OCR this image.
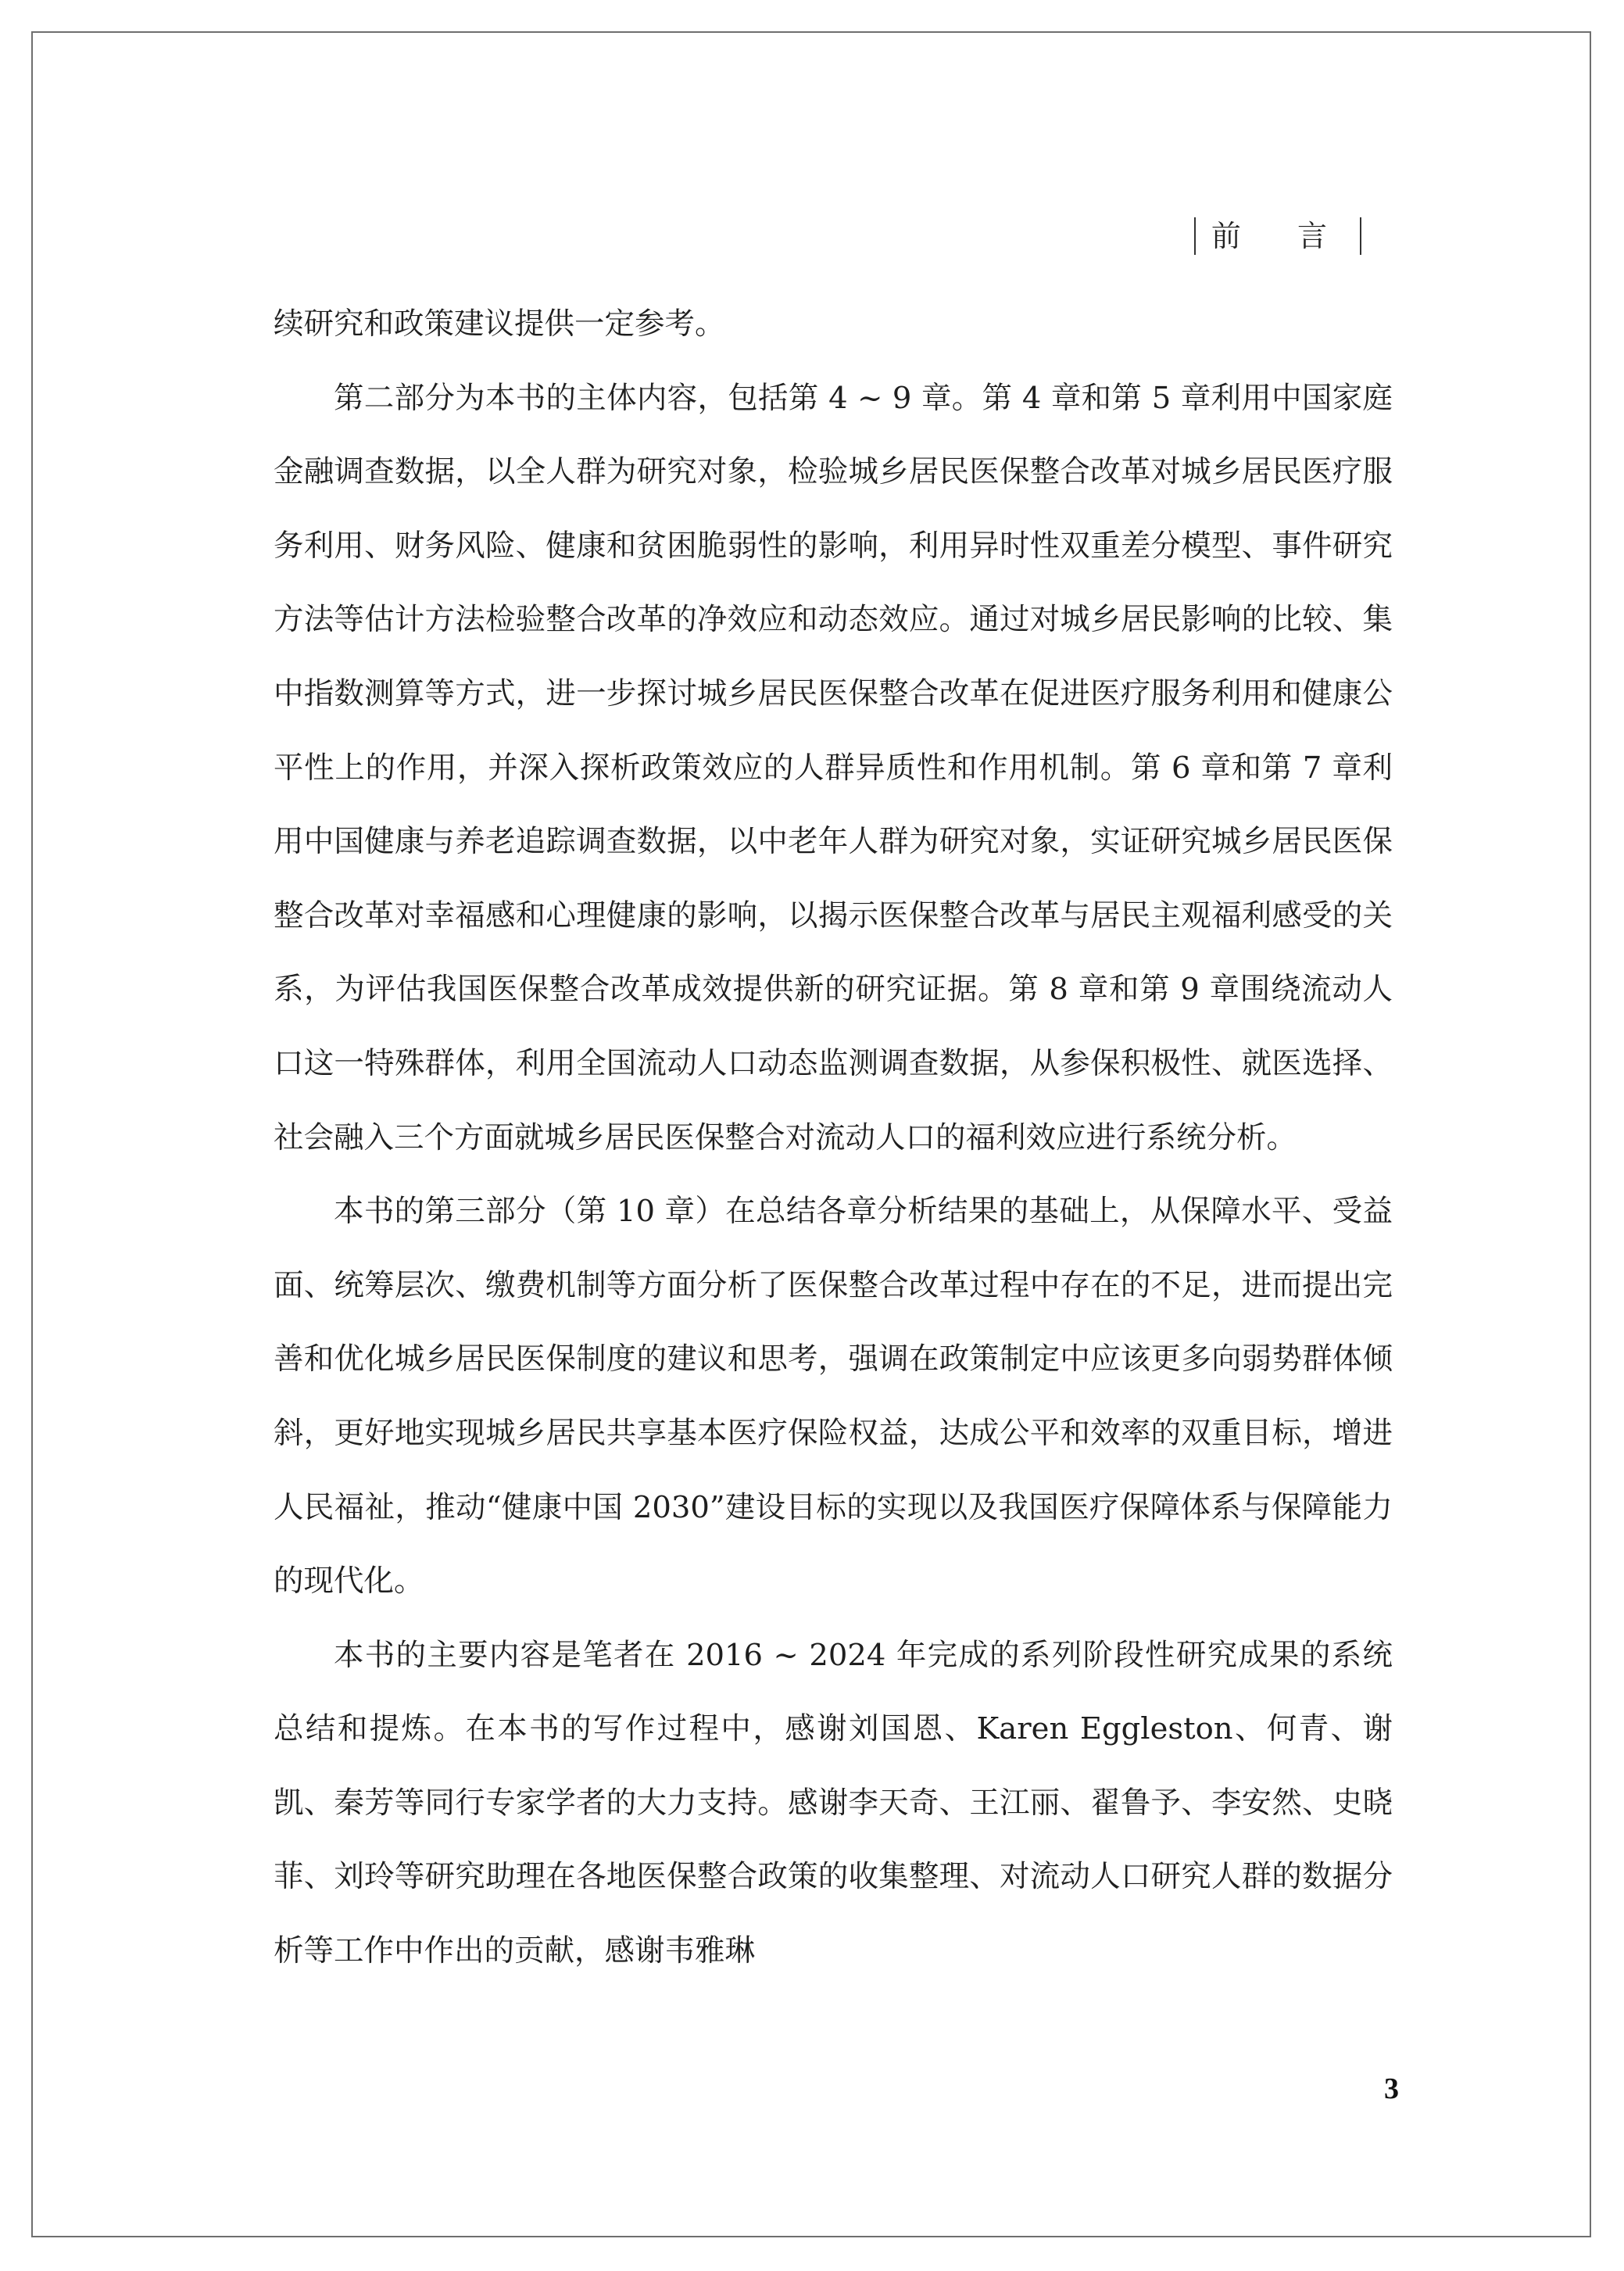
前 言

续研究和政策建议提供一定参考。

第二部分为本书的主体内容，包括第 4 ~ 9 章。第 4 章和第 5 章利用中国家庭金融调查数据，以全人群为研究对象，检验城乡居民医保整合改革对城乡居民医疗服务利用、财务风险、健康和贫困脆弱性的影响，利用异时性双重差分模型、事件研究方法等估计方法检验整合改革的净效应和动态效应。通过对城乡居民影响的比较、集中指数测算等方式，进一步探讨城乡居民医保整合改革在促进医疗服务利用和健康公平性上的作用，并深入探析政策效应的人群异质性和作用机制。第 6 章和第 7 章利用中国健康与养老追踪调查数据，以中老年人群为研究对象，实证研究城乡居民医保整合改革对幸福感和心理健康的影响，以揭示医保整合改革与居民主观福利感受的关系，为评估我国医保整合改革成效提供新的研究证据。第 8 章和第 9 章围绕流动人口这一特殊群体，利用全国流动人口动态监测调查数据，从参保积极性、就医选择、社会融入三个方面就城乡居民医保整合对流动人口的福利效应进行系统分析。

本书的第三部分（第 10 章）在总结各章分析结果的基础上，从保障水平、受益面、统筹层次、缴费机制等方面分析了医保整合改革过程中存在的不足，进而提出完善和优化城乡居民医保制度的建议和思考，强调在政策制定中应该更多向弱势群体倾斜，更好地实现城乡居民共享基本医疗保险权益，达成公平和效率的双重目标，增进人民福祉，推动“健康中国 2030”建设目标的实现以及我国医疗保障体系与保障能力的现代化。

本书的主要内容是笔者在 2016 ~ 2024 年完成的系列阶段性研究成果的系统总结和提炼。在本书的写作过程中，感谢刘国恩、Karen Eggleston、何青、谢凯、秦芳等同行专家学者的大力支持。感谢李天奇、王江丽、翟鲁予、李安然、史晓菲、刘玲等研究助理在各地医保整合政策的收集整理、对流动人口研究人群的数据分析等工作中作出的贡献，感谢韦雅琳

3
